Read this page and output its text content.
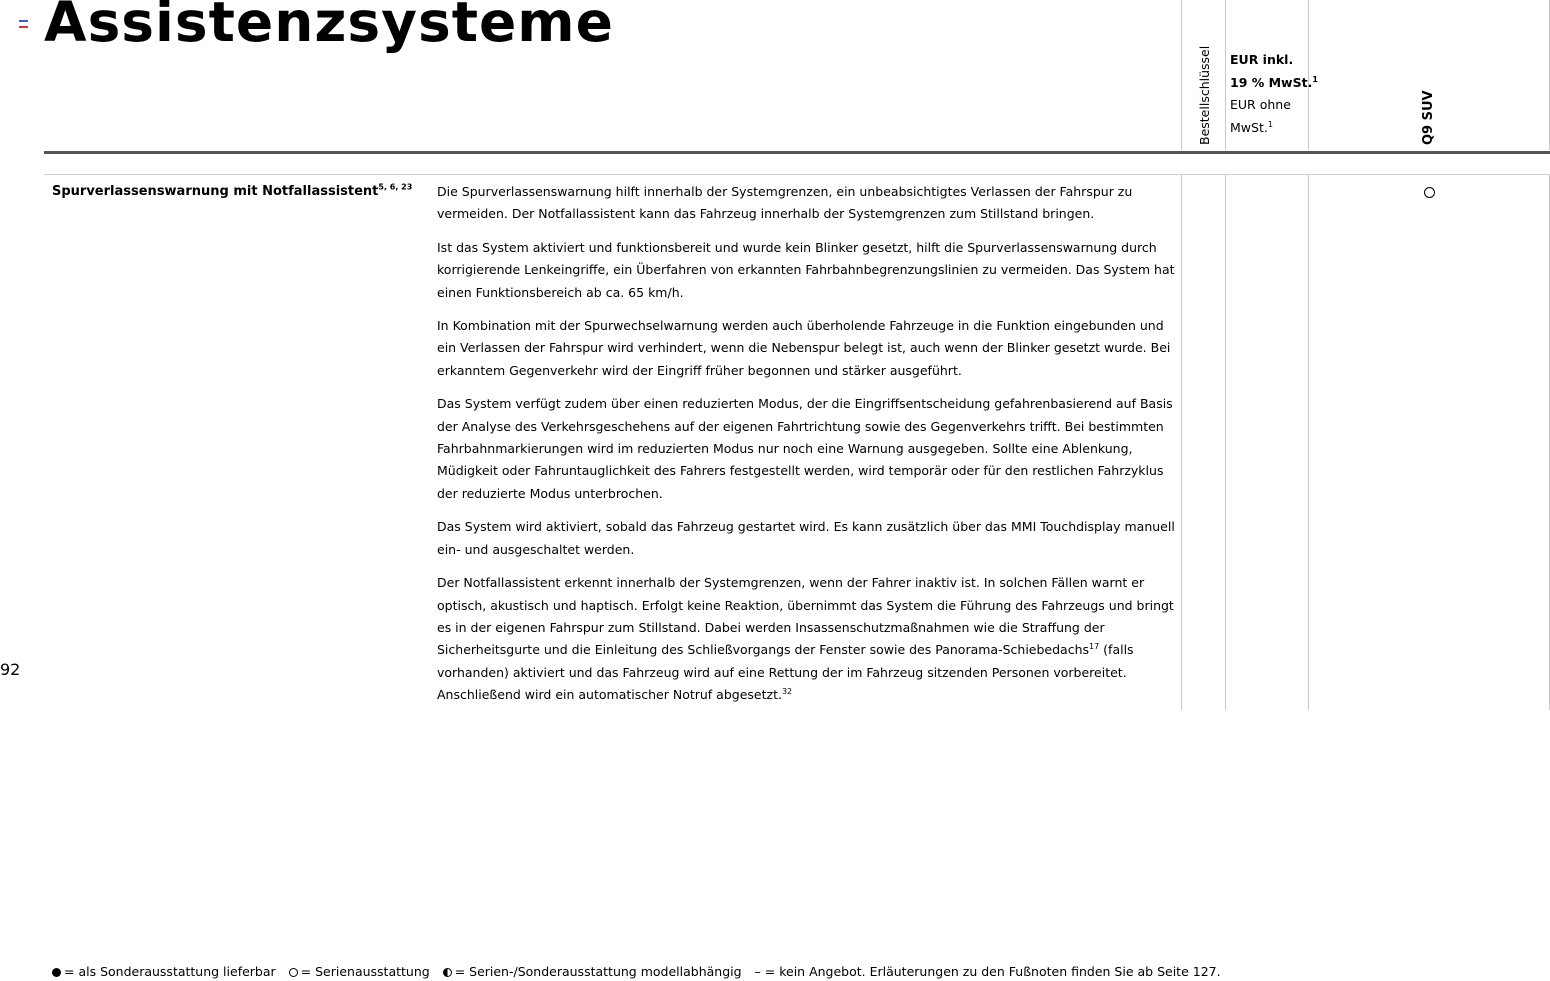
Assistenzsysteme
Bestellschlüssel EUR inkl.
19 % MwSt.$^1$
EUR ohne
MwSt.$^1$	Q9 SUV
Spurverlassenswarnung mit Notfallassistent$^{5, 6, 23}$ Die Spurverlassenswarnung hilft innerhalb der Systemgrenzen, ein unbeabsichtigtes Verlassen der Fahrspur zu vermeiden. Der Notfallassistent kann das Fahrzeug innerhalb der Systemgrenzen zum Stillstand bringen.

Ist das System aktiviert und funktionsbereit und wurde kein Blinker gesetzt, hilft die Spurverlassenswarnung durch korrigierende Lenkeingriffe, ein Überfahren von erkannten Fahrbahnbegrenzungslinien zu vermeiden. Das System hat einen Funktionsbereich ab ca. 65 km/h.

In Kombination mit der Spurwechselwarnung werden auch überholende Fahrzeuge in die Funktion eingebunden und ein Verlassen der Fahrspur wird verhindert, wenn die Nebenspur belegt ist, auch wenn der Blinker gesetzt wurde. Bei erkanntem Gegenverkehr wird der Eingriff früher begonnen und stärker ausgeführt.

Das System verfügt zudem über einen reduzierten Modus, der die Eingriffsentscheidung gefahrenbasierend auf Basis der Analyse des Verkehrsgeschehens auf der eigenen Fahrtrichtung sowie des Gegenverkehrs trifft. Bei bestimmten Fahrbahnmarkierungen wird im reduzierten Modus nur noch eine Warnung ausgegeben. Sollte eine Ablenkung, Müdigkeit oder Fahruntauglichkeit des Fahrers festgestellt werden, wird temporär oder für den restlichen Fahrzyklus der reduzierte Modus unterbrochen.

Das System wird aktiviert, sobald das Fahrzeug gestartet wird. Es kann zusätzlich über das MMI Touchdisplay manuell ein- und ausgeschaltet werden.

Der Notfallassistent erkennt innerhalb der Systemgrenzen, wenn der Fahrer inaktiv ist. In solchen Fällen warnt er optisch, akustisch und haptisch. Erfolgt keine Reaktion, übernimmt das System die Führung des Fahrzeugs und bringt es in der eigenen Fahrspur zum Stillstand. Dabei werden Insassenschutzmaßnahmen wie die Straffung der Sicherheitsgurte und die Einleitung des Schließvorgangs der Fenster sowie des Panorama-Schiebedachs$^{17}$ (falls vorhanden) aktiviert und das Fahrzeug wird auf eine Rettung der im Fahrzeug sitzenden Personen vorbereitet. Anschließend wird ein automatischer Notruf abgesetzt.$^{32}$

92
= als Sonderausstattung lieferbar = Serienausstattung = Serien-/Sonderausstattung modellabhängig – = kein Angebot. Erläuterungen zu den Fußnoten finden Sie ab Seite 127.
